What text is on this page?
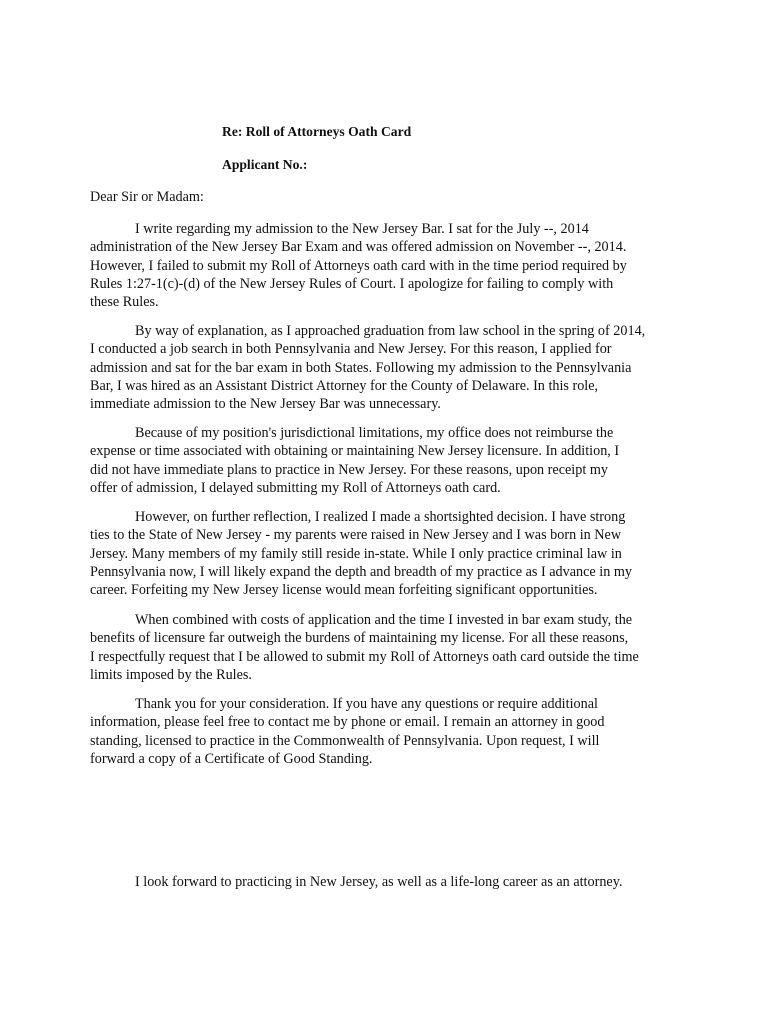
Re: Roll of Attorneys Oath Card
Applicant No.:
Dear Sir or Madam:
I write regarding my admission to the New Jersey Bar. I sat for the July --, 2014
administration of the New Jersey Bar Exam and was offered admission on November --, 2014.
However, I failed to submit my Roll of Attorneys oath card with in the time period required by
Rules 1:27-1(c)-(d) of the New Jersey Rules of Court. I apologize for failing to comply with
these Rules.
By way of explanation, as I approached graduation from law school in the spring of 2014,
I conducted a job search in both Pennsylvania and New Jersey. For this reason, I applied for
admission and sat for the bar exam in both States. Following my admission to the Pennsylvania
Bar, I was hired as an Assistant District Attorney for the County of Delaware. In this role,
immediate admission to the New Jersey Bar was unnecessary.
Because of my position's jurisdictional limitations, my office does not reimburse the
expense or time associated with obtaining or maintaining New Jersey licensure. In addition, I
did not have immediate plans to practice in New Jersey. For these reasons, upon receipt my
offer of admission, I delayed submitting my Roll of Attorneys oath card.
However, on further reflection, I realized I made a shortsighted decision. I have strong
ties to the State of New Jersey - my parents were raised in New Jersey and I was born in New
Jersey. Many members of my family still reside in-state. While I only practice criminal law in
Pennsylvania now, I will likely expand the depth and breadth of my practice as I advance in my
career. Forfeiting my New Jersey license would mean forfeiting significant opportunities.
When combined with costs of application and the time I invested in bar exam study, the
benefits of licensure far outweigh the burdens of maintaining my license. For all these reasons,
I respectfully request that I be allowed to submit my Roll of Attorneys oath card outside the time
limits imposed by the Rules.
Thank you for your consideration. If you have any questions or require additional
information, please feel free to contact me by phone or email. I remain an attorney in good
standing, licensed to practice in the Commonwealth of Pennsylvania. Upon request, I will
forward a copy of a Certificate of Good Standing.
I look forward to practicing in New Jersey, as well as a life-long career as an attorney.
